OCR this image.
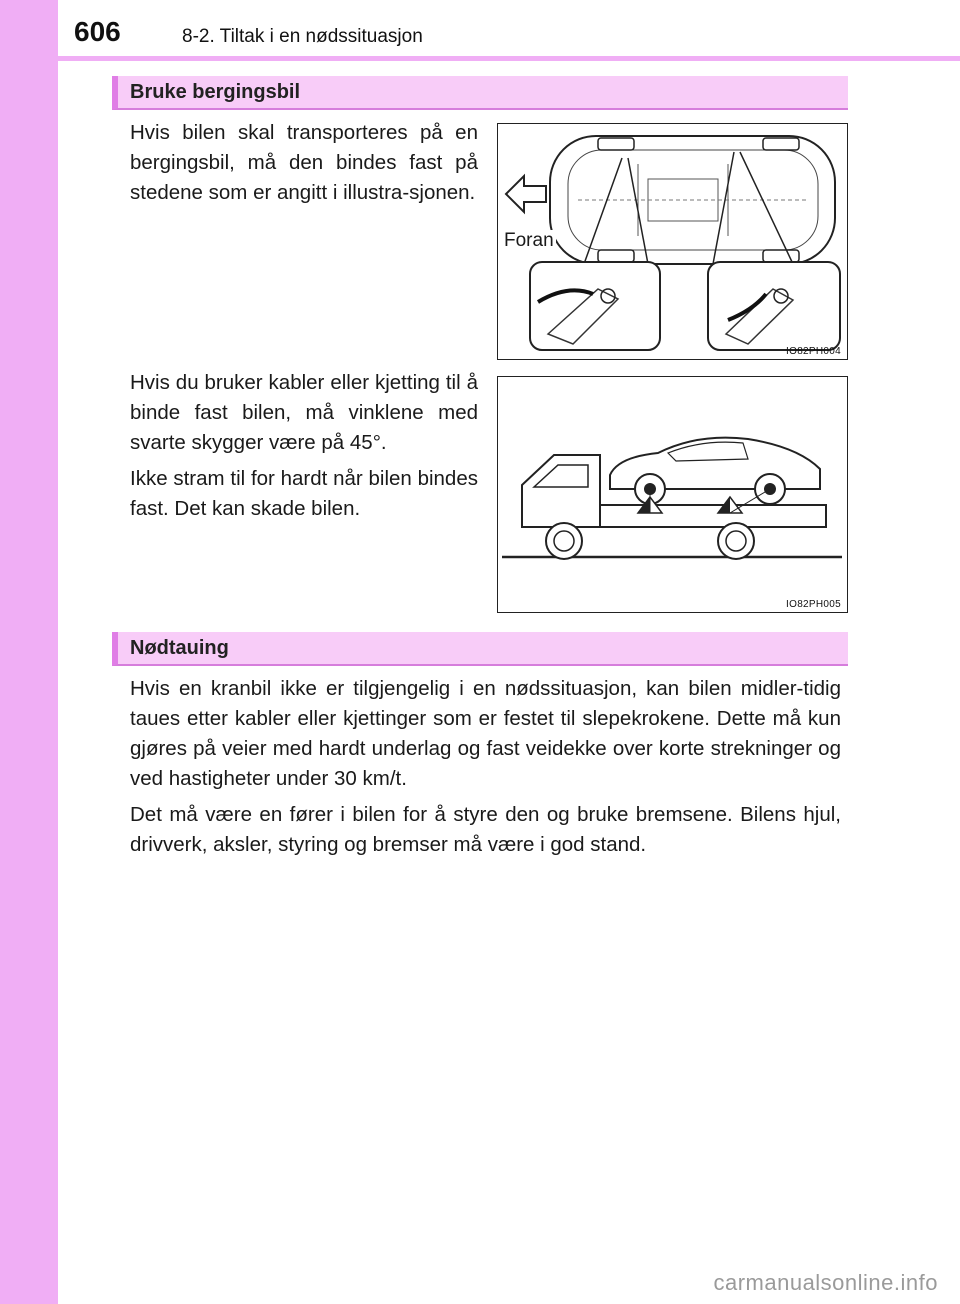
606	8-2. Tiltak i en nødssituasjon
Bruke bergingsbil

Hvis bilen skal transporteres på en bergingsbil, må den bindes fast på stedene som er angitt i illustra-sjonen.

Foran
IO82PH004

Hvis du bruker kabler eller kjetting til å binde fast bilen, må vinklene med svarte skygger være på 45°.

Ikke stram til for hardt når bilen bindes fast. Det kan skade bilen.

IO82PH005
Nødtauing

Hvis en kranbil ikke er tilgjengelig i en nødssituasjon, kan bilen midler-tidig taues etter kabler eller kjettinger som er festet til slepekrokene. Dette må kun gjøres på veier med hardt underlag og fast veidekke over korte strekninger og ved hastigheter under 30 km/t.

Det må være en fører i bilen for å styre den og bruke bremsene. Bilens hjul, drivverk, aksler, styring og bremser må være i god stand.

carmanualsonline.info
